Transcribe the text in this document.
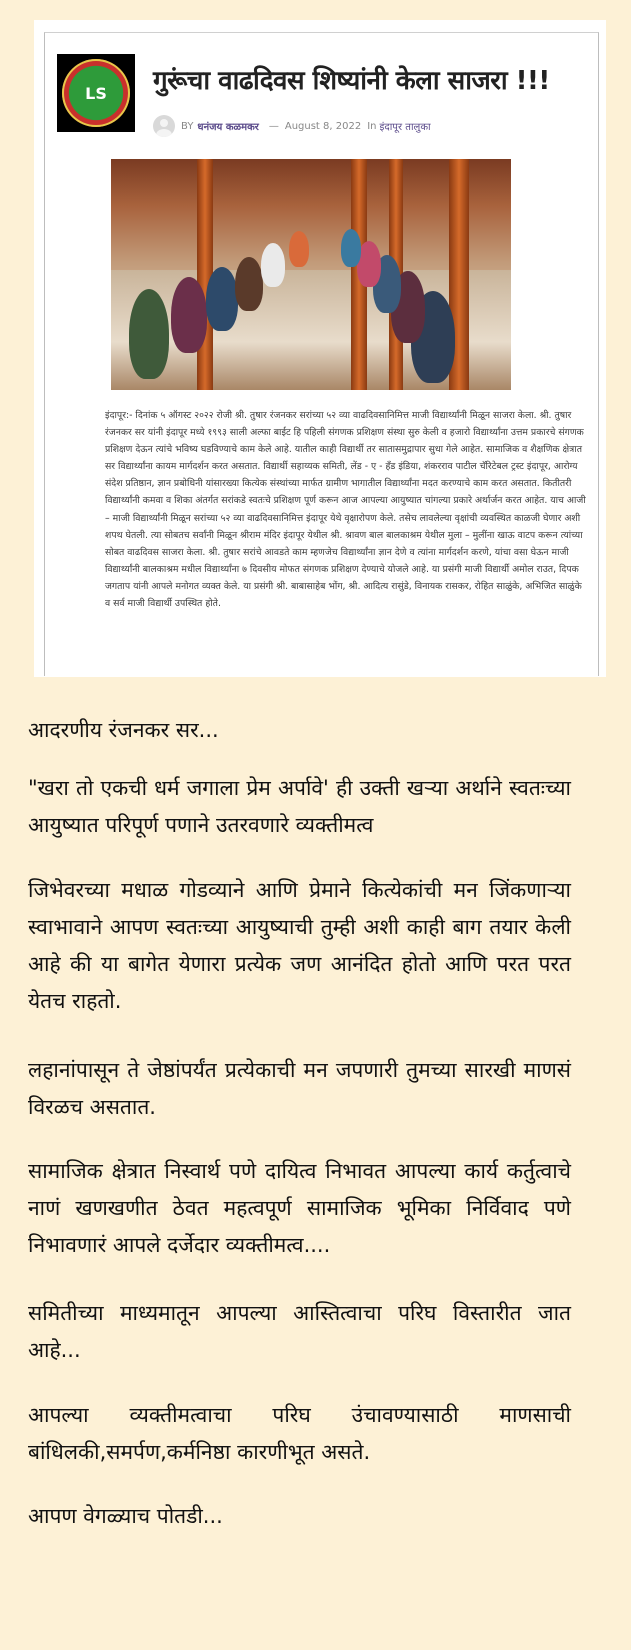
LS गुरूंचा वाढदिवस शिष्यांनी केला साजरा !!!
BY धनंजय कळमकर — August 8, 2022 In इंदापूर तालुका
इंदापूर:- दिनांक ५ ऑगस्ट २०२२ रोजी श्री. तुषार रंजनकर सरांच्या ५२ व्या वाढदिवसानिमित्त माजी विद्यार्थ्यांनी मिळून साजरा केला. श्री. तुषार रंजनकर सर यांनी इंदापूर मध्ये १९९३ साली अल्फा बाईट हि पहिली संगणक प्रशिक्षण संस्था सुरु केली व हजारो विद्यार्थ्यांना उत्तम प्रकारचे संगणक प्रशिक्षण देऊन त्यांचे भविष्य घडविण्याचे काम केले आहे. यातील काही विद्यार्थी तर सातासमुद्रापार सुधा गेले आहेत. सामाजिक व शैक्षणिक क्षेत्रात सर विद्यार्थ्यांना कायम मार्गदर्शन करत असतात. विद्यार्थी सहाय्यक समिती, लेंड - ए - हॅंड इंडिया, शंकरराव पाटील चॅरिटेबल ट्रस्ट इंदापूर, आरोग्य संदेश प्रतिष्ठान, ज्ञान प्रबोधिनी यांसारख्या कित्येक संस्थांच्या मार्फत ग्रामीण भागातील विद्यार्थ्यांना मदत करण्याचे काम करत असतात. कितीतरी विद्यार्थ्यांनी कमवा व शिका अंतर्गत सरांकडे स्वतःचे प्रशिक्षण पूर्ण करून आज आपल्या आयुष्यात चांगल्या प्रकारे अर्थार्जन करत आहेत. याच आजी – माजी विद्यार्थ्यांनी मिळून सरांच्या ५२ व्या वाढदिवसानिमित्त इंदापूर येथे वृक्षारोपण केले. तसेच लावलेल्या वृक्षांची व्यवस्थित काळजी घेणार अशी शपथ घेतली. त्या सोबतच सर्वांनी मिळून श्रीराम मंदिर इंदापूर येथील श्री. श्रावण बाल बालकाश्रम येथील मुला – मुलींना खाऊ वाटप करून त्यांच्या सोबत वाढदिवस साजरा केला. श्री. तुषार सरांचे आवडते काम म्हणजेच विद्यार्थ्यांना ज्ञान देणे व त्यांना मार्गदर्शन करणे, यांचा वसा घेऊन माजी विद्यार्थ्यांनी बालकाश्रम मधील विद्यार्थ्यांना ७ दिवसीय मोफत संगणक प्रशिक्षण देण्याचे योजले आहे. या प्रसंगी माजी विद्यार्थी अमोल राउत, दिपक जगताप यांनी आपले मनोगत व्यक्त केले. या प्रसंगी श्री. बाबासाहेब भोंग, श्री. आदित्य रासुंडे, विनायक रासकर, रोहित साळुंके, अभिजित साळुंके व सर्व माजी विद्यार्थी उपस्थित होते.
आदरणीय रंजनकर सर...
"खरा तो एकची धर्म जगाला प्रेम अर्पावे' ही उक्ती खऱ्या अर्थाने स्वतःच्या आयुष्यात परिपूर्ण पणाने उतरवणारे व्यक्तीमत्व
जिभेवरच्या मधाळ गोडव्याने आणि प्रेमाने कित्येकांची मन जिंकणाऱ्या स्वाभावाने आपण स्वतःच्या आयुष्याची तुम्ही अशी काही बाग तयार केली आहे की या बागेत येणारा प्रत्येक जण आनंदित होतो आणि परत परत येतच राहतो.
लहानांपासून ते जेष्ठांपर्यंत प्रत्येकाची मन जपणारी तुमच्या सारखी माणसं विरळच असतात.
सामाजिक क्षेत्रात निस्वार्थ पणे दायित्व निभावत आपल्या कार्य कर्तुत्वाचे नाणं खणखणीत ठेवत महत्वपूर्ण सामाजिक भूमिका निर्विवाद पणे निभावणारं आपले दर्जेदार व्यक्तीमत्व....
समितीच्या माध्यमातून आपल्या आस्तित्वाचा परिघ विस्तारीत जात आहे...
आपल्या व्यक्तीमत्वाचा परिघ उंचावण्यासाठी माणसाची बांधिलकी,समर्पण,कर्मनिष्ठा कारणीभूत असते.
आपण वेगळ्याच पोतडी...
